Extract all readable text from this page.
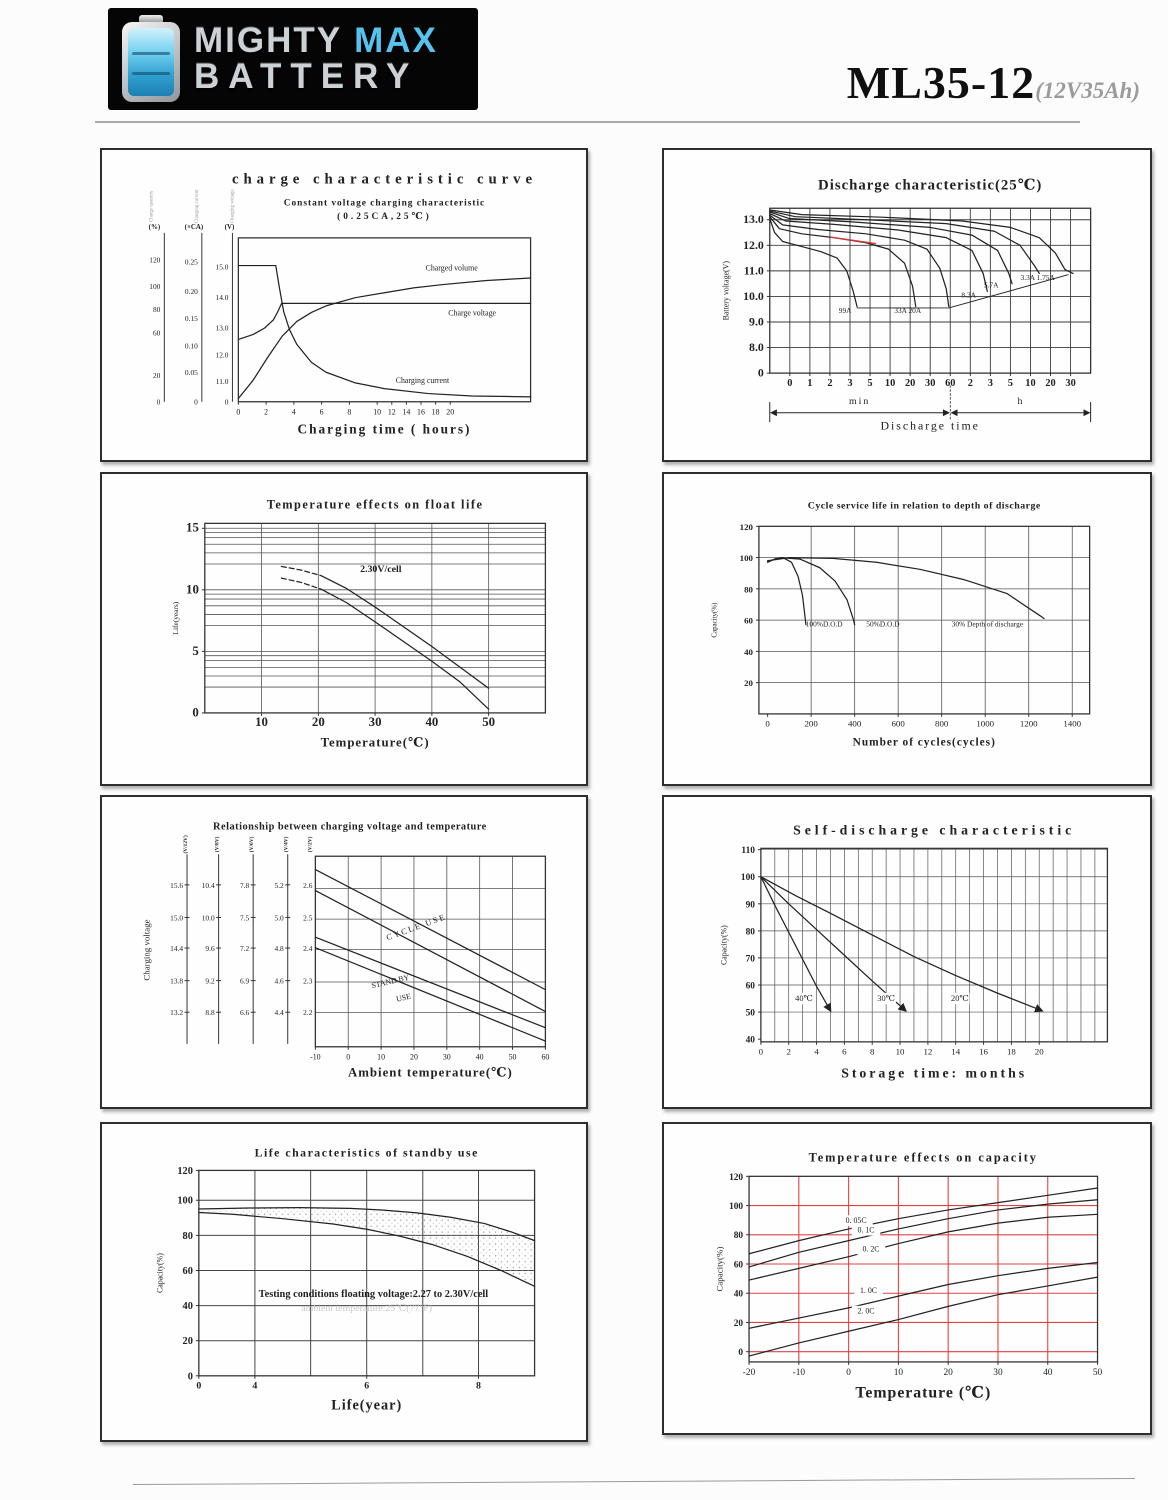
MIGHTY MAX
BATTERY	ML35-12(12V35Ah)
charge characteristic curve
Constant voltage charging characteristic
(0.25CA,25℃)
0	2	4	6	8	10 12 14 16 18 20
Charging time ( hours)
Charged volume
Charge voltage
Charging current
Charge quantity	Charging current	Charging voltage
0
20
60
80
100
120
0
0.05
0.10
0.15
0.20
0.25
0
11.0
12.0
13.0
14.0
15.0
(%)	(×CA)	(V)
Discharge characteristic(25℃)
0 1 2 3 5 10 20 30 60 2 3 5 10 20 30
13.0
12.0
11.0
10.0
9.0
8.0
0
Battery voltage(V)	99A	33A 20A
8.3A
5.7A
3.3A 1.75A
min	h
Discharge time
Temperature effects on float life
10	20	30	40	50
0
5
10
15
Temperature(℃)
Life(years)
2.30V/cell
Cycle service life in relation to depth of discharge
0	200	400	600	800	1000	1200	1400
20
40
60
80
100
120
Number of cycles(cycles)
Capacity(%)	100%D.O.D	50%D.O.D	30% Depth of discharge
Relationship between charging voltage and temperature
-10	0	10	20	30	40	50	60
Ambient temperature(℃)
CYCLE USE
STAND BY
USE
Charging voltage
15.6
15.0
14.4
13.8
13.2
10.4
10.0
9.6
9.2
8.8
7.8
7.5
7.2
6.9
6.6
5.2
5.0
4.8
4.6
4.4
2.6
2.5
2.4
2.3
2.2
(V/12V)	(V/8V)	(V/6V)	(V/4V)	(V/2V)
Self-discharge characteristic
0	2	4	6	8 10 12 14 16 18 20
40
50
60
70
80
90
100
110
Storage time: months
Capacity(%)
40℃	30℃	20℃
Life characteristics of standby use
0	4	6	8
0
20
40
60
80
100
120
Life(year)
Capacity(%)
Testing conditions floating voltage:2.27 to 2.30V/cell
ambient temperature:25℃(77°F)
Temperature effects on capacity
-20	-10	0	10	20	30	40	50
0
20
40
60
80
100
120
Temperature (℃)
Capacity(%)
0. 05C
0. 1C
0. 2C
1. 0C
2. 0C
